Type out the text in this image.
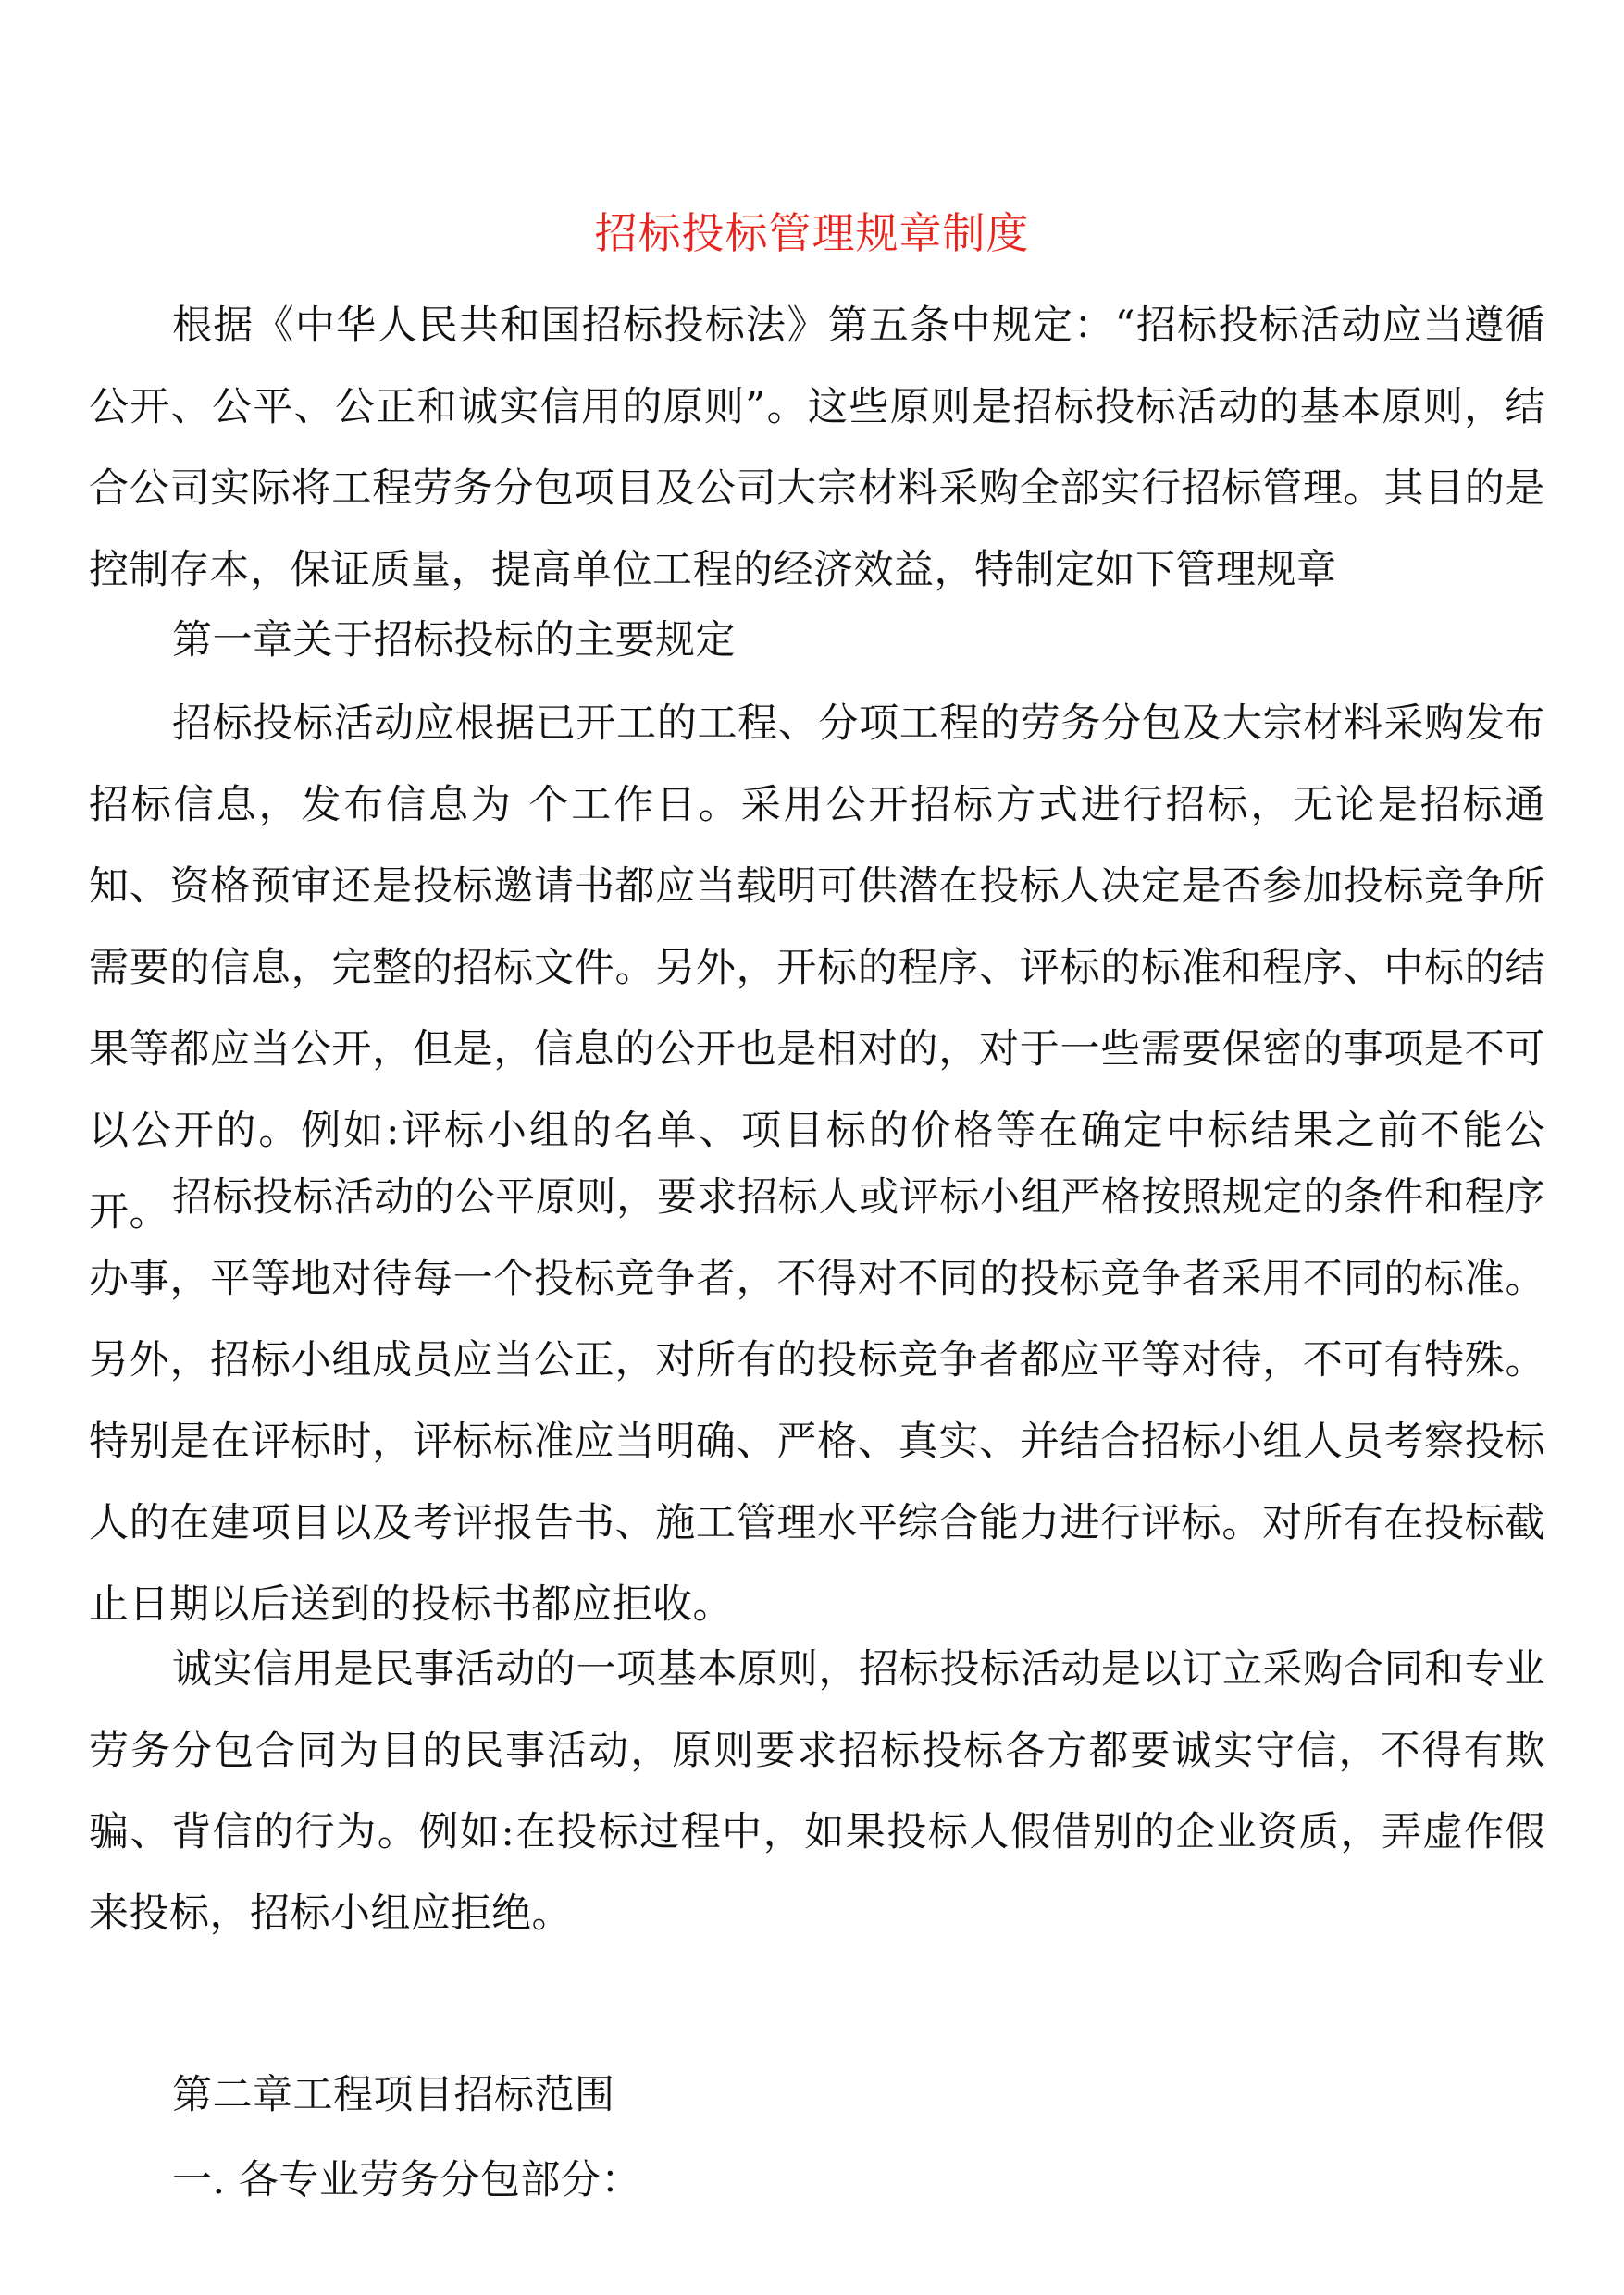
招标投标管理规章制度

根据《中华人民共和国招标投标法》第五条中规定：“招标投标活动应当遵循公开、公平、公正和诚实信用的原则”。这些原则是招标投标活动的基本原则，结合公司实际将工程劳务分包项目及公司大宗材料采购全部实行招标管理。其目的是控制存本，保证质量，提高单位工程的经济效益，特制定如下管理规章

第一章关于招标投标的主要规定

招标投标活动应根据已开工的工程、分项工程的劳务分包及大宗材料采购发布招标信息，发布信息为 个工作日。采用公开招标方式进行招标，无论是招标通知、资格预审还是投标邀请书都应当载明可供潜在投标人决定是否参加投标竞争所需要的信息，完整的招标文件。另外，开标的程序、评标的标准和程序、中标的结果等都应当公开，但是，信息的公开也是相对的，对于一些需要保密的事项是不可以公开的。例如:评标小组的名单、项目标的价格等在确定中标结果之前不能公开。 招标投标活动的公平原则，要求招标人或评标小组严格按照规定的条件和程序办事，平等地对待每一个投标竞争者，不得对不同的投标竞争者采用不同的标准。另外，招标小组成员应当公正，对所有的投标竞争者都应平等对待，不可有特殊。特别是在评标时，评标标准应当明确、严格、真实、并结合招标小组人员考察投标人的在建项目以及考评报告书、施工管理水平综合能力进行评标。对所有在投标截止日期以后送到的投标书都应拒收。

诚实信用是民事活动的一项基本原则，招标投标活动是以订立采购合同和专业劳务分包合同为目的民事活动，原则要求招标投标各方都要诚实守信，不得有欺骗、背信的行为。例如:在投标过程中，如果投标人假借别的企业资质，弄虚作假来投标，招标小组应拒绝。

第二章工程项目招标范围

一. 各专业劳务分包部分：
